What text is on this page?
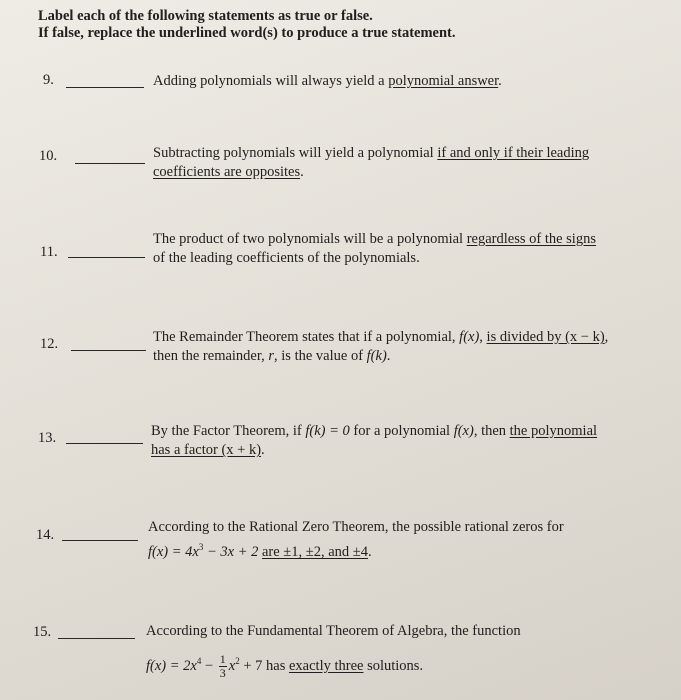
Label each of the following statements as true or false.
If false, replace the underlined word(s) to produce a true statement.
9.	Adding polynomials will always yield a polynomial answer.
10.	Subtracting polynomials will yield a polynomial if and only if their leading
coefficients are opposites.
11.
The product of two polynomials will be a polynomial regardless of the signs
of the leading coefficients of the polynomials.
12.	The Remainder Theorem states that if a polynomial, f(x), is divided by (x − k),
then the remainder, r, is the value of f(k).
13.	By the Factor Theorem, if f(k) = 0 for a polynomial f(x), then the polynomial
has a factor (x + k).
14.	According to the Rational Zero Theorem, the possible rational zeros for
$f(x) = 4x^3 - 3x + 2$ are ±1, ±2, and ±4.
15.	According to the Fundamental Theorem of Algebra, the function
$f(x) = 2x^4 - \frac{1}{3} x^2 + 7$ has exactly three solutions.
